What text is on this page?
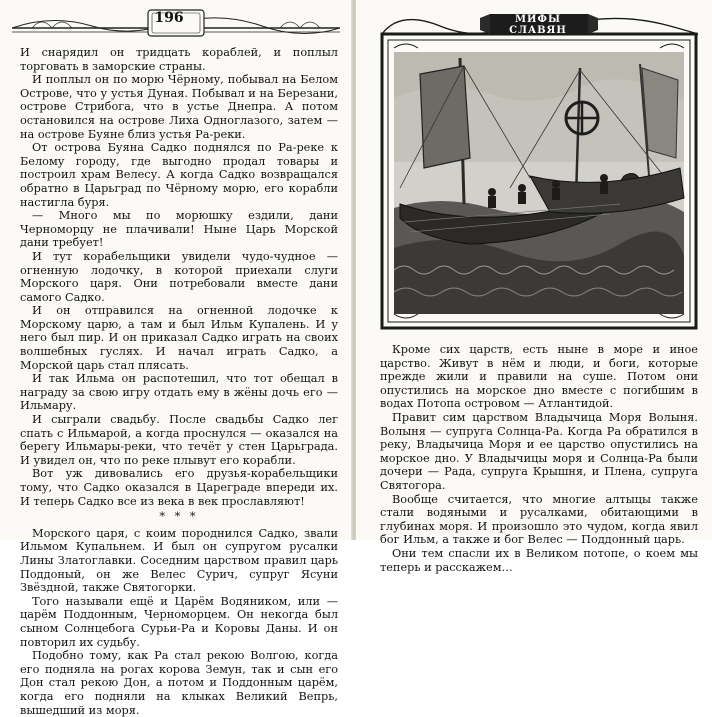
196

И снарядил он тридцать кораблей, и поплыл торговать в заморские страны.

И поплыл он по морю Чёрному, побывал на Белом Острове, что у устья Дуная. Побывал и на Березани, острове Стрибога, что в устье Днепра. А потом остановился на острове Лиха Одноглазого, затем — на острове Буяне близ устья Ра-реки.

От острова Буяна Садко поднялся по Ра-реке к Белому городу, где выгодно продал товары и построил храм Велесу. А когда Садко возвращался обратно в Царьград по Чёрному морю, его корабли настигла буря.

— Много мы по морюшку ездили, дани Черноморцу не плачивали! Ныне Царь Морской дани требует!

И тут корабельщики увидели чудо-чудное — огненную лодочку, в которой приехали слуги Морского царя. Они потребовали вместе дани самого Садко.

И он отправился на огненной лодочке к Морскому царю, а там и был Ильм Купалень. И у него был пир. И он приказал Садко играть на своих волшебных гуслях. И начал играть Садко, а Морской царь стал плясать.

И так Ильма он распотешил, что тот обещал в награду за свою игру отдать ему в жёны дочь его — Ильмару.

И сыграли свадьбу. После свадьбы Садко лег спать с Ильмарой, а когда проснулся — оказался на берегу Ильмары-реки, что течёт у стен Царьграда. И увидел он, что по реке плывут его корабли.

Вот уж дивовались его друзья-корабельщики тому, что Садко оказался в Цареграде впереди их. И теперь Садко все из века в век прославляют!

* * *

Морского царя, с коим породнился Садко, звали Ильмом Купальнем. И был он супругом русалки Лины Златоглавки. Соседним царством правил царь Поддоный, он же Велес Сурич, супруг Ясуни Звёздной, также Святогорки.

Того называли ещё и Царём Водяником, или — царём Поддонным, Черноморцем. Он некогда был сыном Солнцебога Сурьи-Ра и Коровы Даны. И он повторил их судьбу.

Подобно тому, как Ра стал рекою Волгою, когда его подняла на рогах корова Земун, так и сын его Дон стал рекою Дон, а потом и Поддонным царём, когда его подняли на клыках Великий Вепрь, вышедший из моря.

МИФЫ СЛАВЯН

Кроме сих царств, есть ныне в море и иное царство. Живут в нём и люди, и боги, которые прежде жили и правили на суше. Потом они опустились на морское дно вместе с погибшим в водах Потопа островом — Атлантидой.

Правит сим царством Владычица Моря Волыня. Волыня — супруга Солнца-Ра. Когда Ра обратился в реку, Владычица Моря и ее царство опустились на морское дно. У Владычицы моря и Солнца-Ра были дочери — Рада, супруга Крышня, и Плена, супруга Святогора.

Вообще считается, что многие алтыцы также стали водяными и русалками, обитающими в глубинах моря. И произошло это чудом, когда явил бог Ильм, а также и бог Велес — Поддонный царь.

Они тем спасли их в Великом потопе, о коем мы теперь и расскажем…
